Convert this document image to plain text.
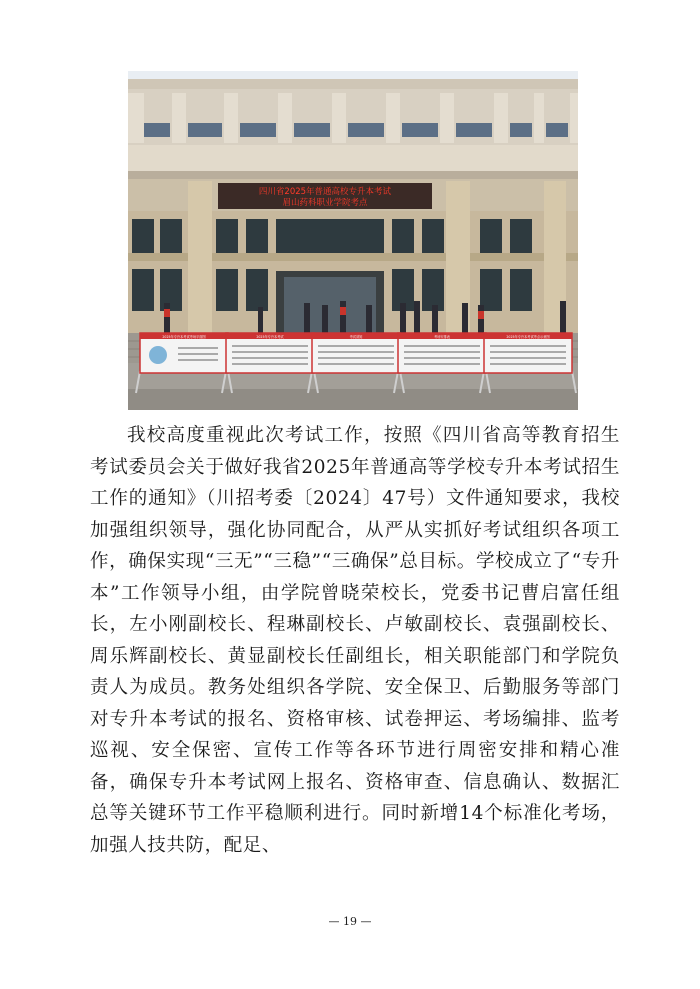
四川省2025年普通高校专升本考试
眉山药科职业学院考点
2025年专升本考试考场平面图	2025年专升本考试	考试须知	考场安排表	2025年专升本考试考点示意图

我校高度重视此次考试工作，按照《四川省高等教育招生考试委员会关于做好我省2025年普通高等学校专升本考试招生工作的通知》（川招考委〔2024〕47号）文件通知要求，我校加强组织领导，强化协同配合，从严从实抓好考试组织各项工作，确保实现“三无”“三稳”“三确保”总目标。学校成立了“专升本”工作领导小组，由学院曾晓荣校长，党委书记曹启富任组长，左小刚副校长、程琳副校长、卢敏副校长、袁强副校长、周乐辉副校长、黄显副校长任副组长，相关职能部门和学院负责人为成员。教务处组织各学院、安全保卫、后勤服务等部门对专升本考试的报名、资格审核、试卷押运、考场编排、监考巡视、安全保密、宣传工作等各环节进行周密安排和精心准备，确保专升本考试网上报名、资格审查、信息确认、数据汇总等关键环节工作平稳顺利进行。同时新增14个标准化考场，加强人技共防，配足、

— 19 —
